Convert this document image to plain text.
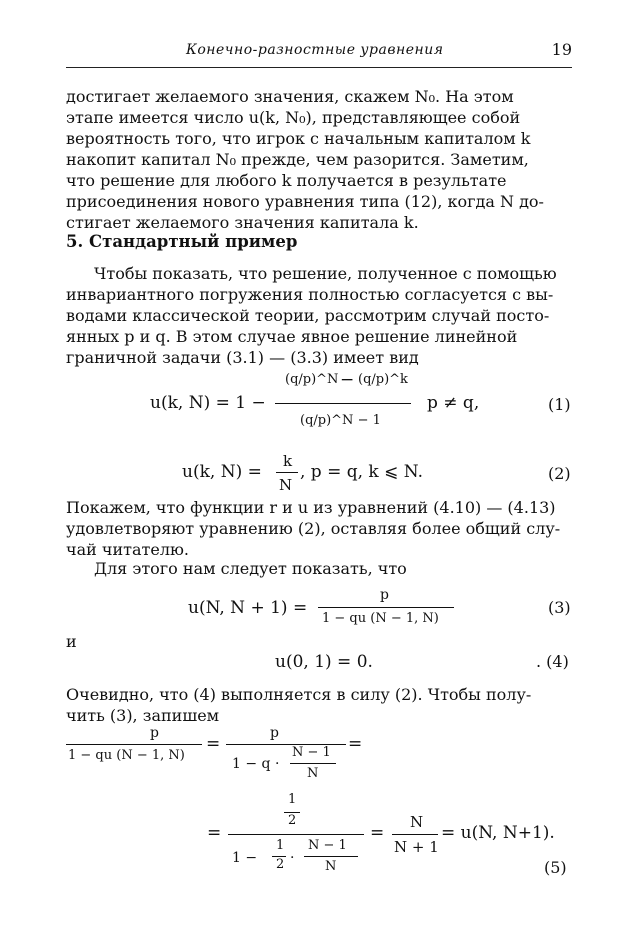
Конечно-разностные уравнения	19
достигает желаемого значения, скажем N₀. На этом
этапе имеется число u(k, N₀), представляющее собой
вероятность того, что игрок с начальным капиталом k
накопит капитал N₀ прежде, чем разорится. Заметим,
что решение для любого k получается в результате
присоединения нового уравнения типа (12), когда N до-
стигает желаемого значения капитала k.
5. Стандартный пример
Чтобы показать, что решение, полученное с помощью
инвариантного погружения полностью согласуется с вы-
водами классической теории, рассмотрим случай посто-
янных p и q. В этом случае явное решение линейной
граничной задачи (3.1) — (3.3) имеет вид
u(k, N) = 1 −
(q/p)^N − (q/p)^k
(q/p)^N − 1
p ≠ q,	(1)
u(k, N) =
k
N
, p = q, k ⩽ N.	(2)
Покажем, что функции r и u из уравнений (4.10) — (4.13)
удовлетворяют уравнению (2), оставляя более общий слу-
чай читателю.
Для этого нам следует показать, что
u(N, N + 1) =
p
1 − qu (N − 1, N)
(3)
и
u(0, 1) = 0.	. (4)
Очевидно, что (4) выполняется в силу (2). Чтобы полу-
чить (3), запишем
p
1 − qu (N − 1, N)
=
p
1 − q ·
N − 1
N
=
=
1
2
1 −
1
2 ·
N − 1
N
=
N
N + 1
= u(N, N+1).
(5)
